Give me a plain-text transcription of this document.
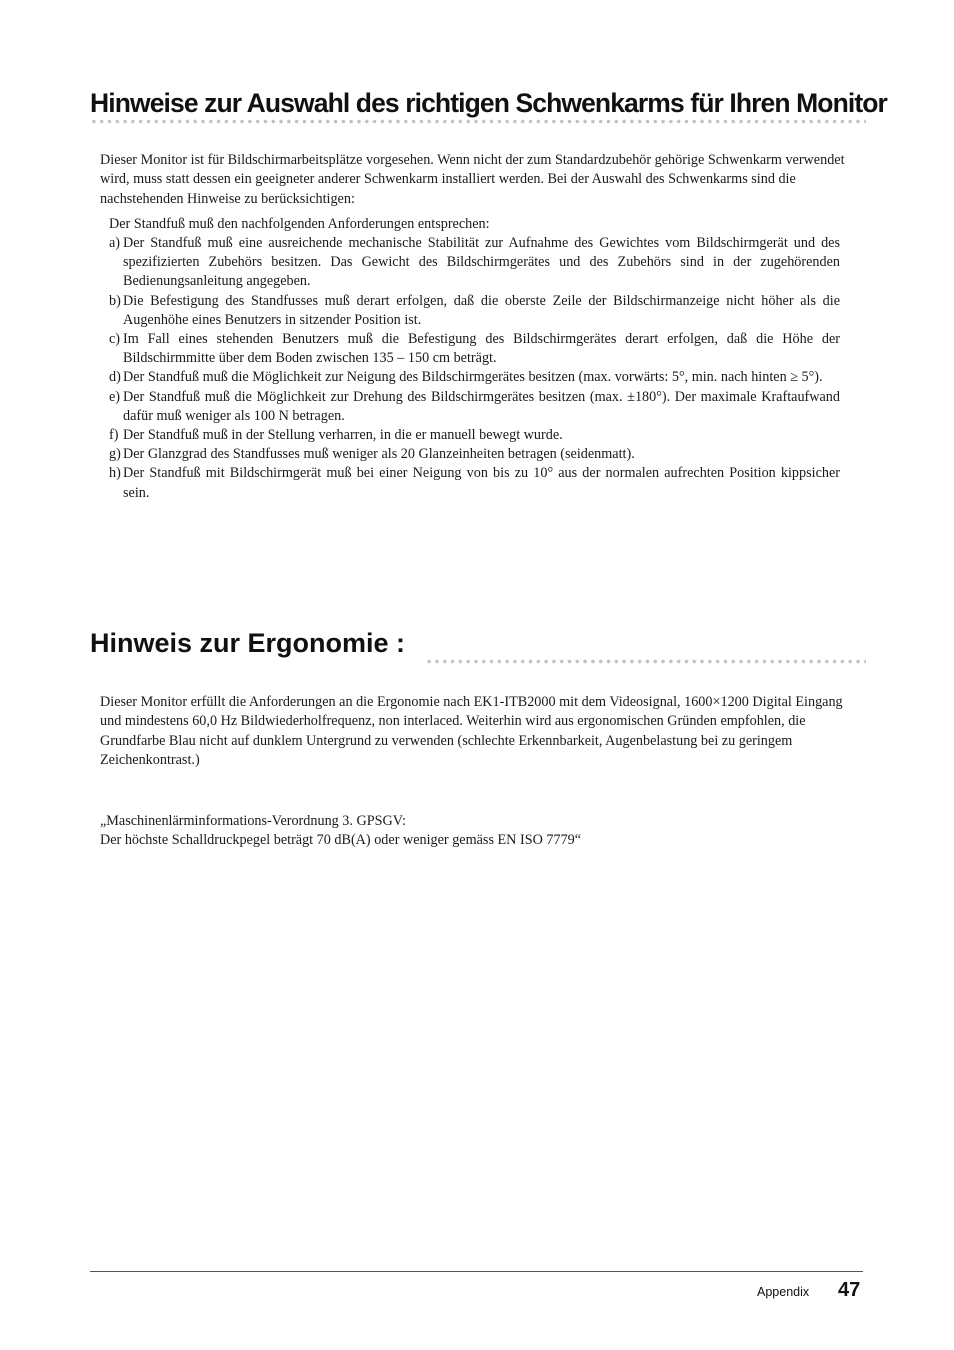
Hinweise zur Auswahl des richtigen Schwenkarms für Ihren Monitor

Dieser Monitor ist für Bildschirmarbeitsplätze vorgesehen. Wenn nicht der zum Standardzubehör gehörige Schwenkarm verwendet wird, muss statt dessen ein geeigneter anderer Schwenkarm installiert werden. Bei der Auswahl des Schwenkarms sind die nachstehenden Hinweise zu berücksichtigen:

Der Standfuß muß den nachfolgenden Anforderungen entsprechen:

a) Der Standfuß muß eine ausreichende mechanische Stabilität zur Aufnahme des Gewichtes vom Bildschirmgerät und des spezifizierten Zubehörs besitzen. Das Gewicht des Bildschirmgerätes und des Zubehörs sind in der zugehörenden Bedienungsanleitung angegeben.
b) Die Befestigung des Standfusses muß derart erfolgen, daß die oberste Zeile der Bildschirmanzeige nicht höher als die Augenhöhe eines Benutzers in sitzender Position ist.
c) Im Fall eines stehenden Benutzers muß die Befestigung des Bildschirmgerätes derart erfolgen, daß die Höhe der Bildschirmmitte über dem Boden zwischen 135 – 150 cm beträgt.
d) Der Standfuß muß die Möglichkeit zur Neigung des Bildschirmgerätes besitzen (max. vorwärts: 5°, min. nach hinten ≥ 5°).
e) Der Standfuß muß die Möglichkeit zur Drehung des Bildschirmgerätes besitzen (max. ±180°). Der maximale Kraftaufwand dafür muß weniger als 100 N betragen.
f) Der Standfuß muß in der Stellung verharren, in die er manuell bewegt wurde.
g) Der Glanzgrad des Standfusses muß weniger als 20 Glanzeinheiten betragen (seidenmatt).
h) Der Standfuß mit Bildschirmgerät muß bei einer Neigung von bis zu 10° aus der normalen aufrechten Position kippsicher sein.
Hinweis zur Ergonomie :

Dieser Monitor erfüllt die Anforderungen an die Ergonomie nach EK1-ITB2000 mit dem Videosignal, 1600×1200 Digital Eingang und mindestens 60,0 Hz Bildwiederholfrequenz, non interlaced. Weiterhin wird aus ergonomischen Gründen empfohlen, die Grundfarbe Blau nicht auf dunklem Untergrund zu verwenden (schlechte Erkennbarkeit, Augenbelastung bei zu geringem Zeichenkontrast.)

„Maschinenlärminformations-Verordnung 3. GPSGV:
Der höchste Schalldruckpegel beträgt 70 dB(A) oder weniger gemäss EN ISO 7779“

Appendix 47
